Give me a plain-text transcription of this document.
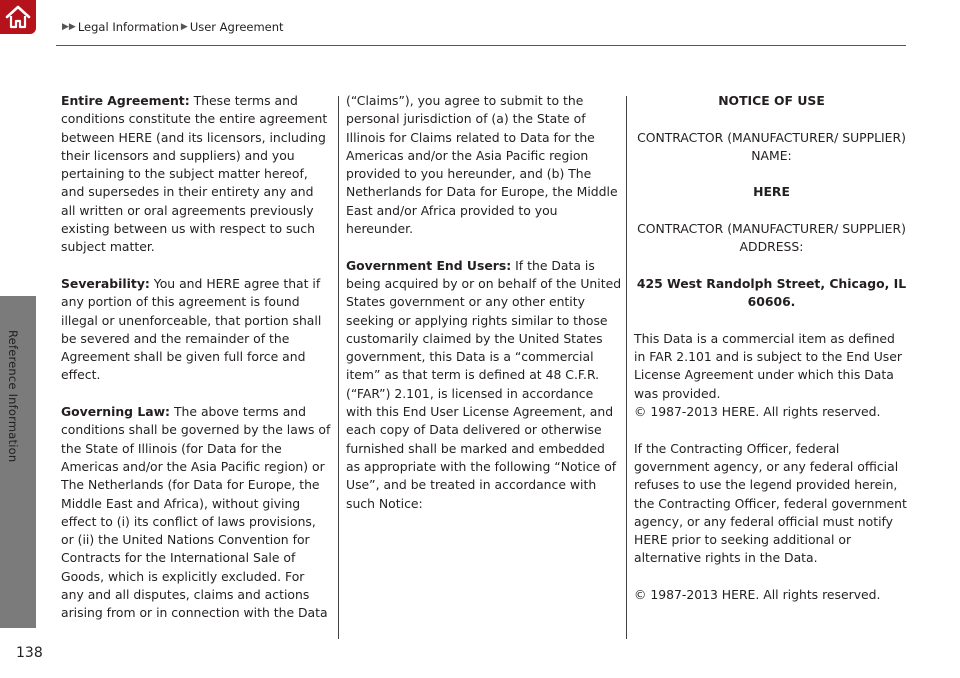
▶▶ Legal Information ▶ User Agreement
Reference Information
138

Entire Agreement: These terms and conditions constitute the entire agreement between HERE (and its licensors, including their licensors and suppliers) and you pertaining to the subject matter hereof, and supersedes in their entirety any and all written or oral agreements previously existing between us with respect to such subject matter.

Severability: You and HERE agree that if any portion of this agreement is found illegal or unenforceable, that portion shall be severed and the remainder of the Agreement shall be given full force and effect.

Governing Law: The above terms and conditions shall be governed by the laws of the State of Illinois (for Data for the Americas and/or the Asia Pacific region) or The Netherlands (for Data for Europe, the Middle East and Africa), without giving effect to (i) its conflict of laws provisions, or (ii) the United Nations Convention for Contracts for the International Sale of Goods, which is explicitly excluded. For any and all disputes, claims and actions arising from or in connection with the Data

(“Claims”), you agree to submit to the personal jurisdiction of (a) the State of Illinois for Claims related to Data for the Americas and/or the Asia Pacific region provided to you hereunder, and (b) The Netherlands for Data for Europe, the Middle East and/or Africa provided to you hereunder.

Government End Users: If the Data is being acquired by or on behalf of the United States government or any other entity seeking or applying rights similar to those customarily claimed by the United States government, this Data is a “commercial item” as that term is defined at 48 C.F.R. (“FAR”) 2.101, is licensed in accordance with this End User License Agreement, and each copy of Data delivered or otherwise furnished shall be marked and embedded as appropriate with the following “Notice of Use”, and be treated in accordance with such Notice:

NOTICE OF USE

CONTRACTOR (MANUFACTURER/ SUPPLIER) NAME:

HERE

CONTRACTOR (MANUFACTURER/ SUPPLIER) ADDRESS:

425 West Randolph Street, Chicago, IL 60606.

This Data is a commercial item as defined in FAR 2.101 and is subject to the End User License Agreement under which this Data was provided.
© 1987-2013 HERE. All rights reserved.

If the Contracting Officer, federal government agency, or any federal official refuses to use the legend provided herein, the Contracting Officer, federal government agency, or any federal official must notify HERE prior to seeking additional or alternative rights in the Data.

© 1987-2013 HERE. All rights reserved.
